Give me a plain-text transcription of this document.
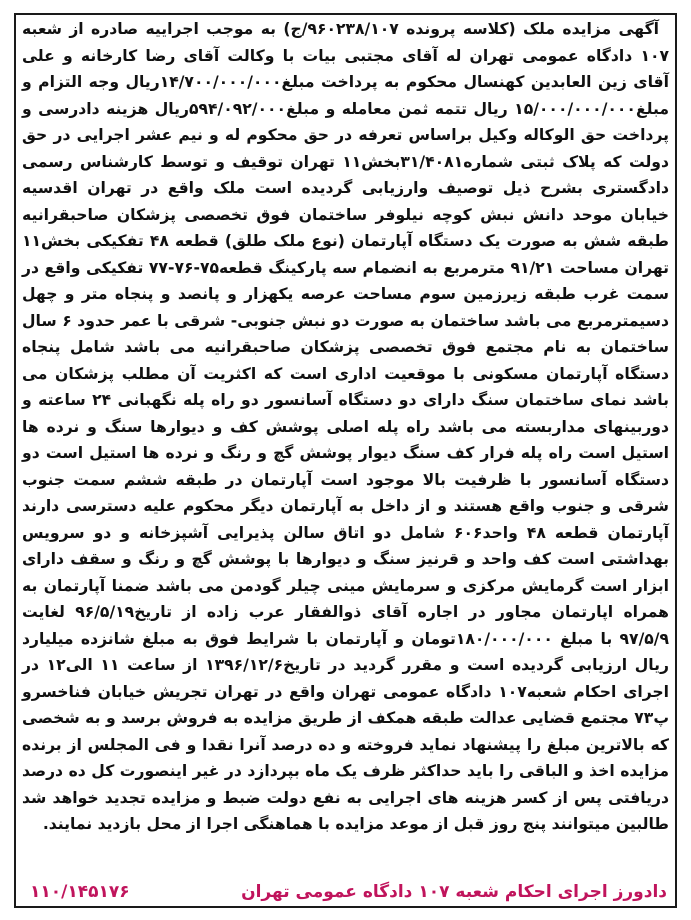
آگهی مزایده ملک (کلاسه پرونده ۹۶۰۲۳۸/۱۰۷/ج) به موجب اجراییه صادره از شعبه ۱۰۷ دادگاه عمومی تهران له آقای مجتبی بیات با وکالت آقای رضا کارخانه و علی آقای زین العابدین کهنسال محکوم به پرداخت مبلغ۱۴/۷۰۰/۰۰۰/۰۰۰ریال وجه التزام و مبلغ۱۵/۰۰۰/۰۰۰/۰۰۰ ریال تتمه ثمن معامله و مبلغ۵۹۴/۰۹۲/۰۰۰ریال هزینه دادرسی و پرداخت حق الوکاله وکیل براساس تعرفه در حق محکوم له و نیم عشر اجرایی در حق دولت که پلاک ثبتی شماره۳۱/۴۰۸۱بخش۱۱ تهران توقیف و توسط کارشناس رسمی دادگستری بشرح ذیل توصیف وارزیابی گردیده است ملک واقع در تهران اقدسیه خیابان موحد دانش نبش کوچه نیلوفر ساختمان فوق تخصصی پزشکان صاحبقرانیه طبقه شش به صورت یک دستگاه آپارتمان (نوع ملک طلق) قطعه ۴۸ تفکیکی بخش۱۱ تهران مساحت ۹۱/۲۱ مترمربع به انضمام سه پارکینگ قطعه۷۵-۷۶-۷۷ تفکیکی واقع در سمت غرب طبقه زیرزمین سوم مساحت عرصه یکهزار و پانصد و پنجاه متر و چهل دسیمترمربع می باشد ساختمان به صورت دو نبش جنوبی- شرقی با عمر حدود ۶ سال ساختمان به نام مجتمع فوق تخصصی پزشکان صاحبقرانیه می باشد شامل پنجاه دستگاه آپارتمان مسکونی با موقعیت اداری است که اکثریت آن مطلب پزشکان می باشد نمای ساختمان سنگ دارای دو دستگاه آسانسور دو راه پله نگهبانی ۲۴ ساعته و دوربینهای مداربسته می باشد راه پله اصلی پوشش کف و دیوارها سنگ و نرده ها استیل است راه پله فرار کف سنگ دیوار پوشش گچ و رنگ و نرده ها استیل است دو دستگاه آسانسور با ظرفیت بالا موجود است آپارتمان در طبقه ششم سمت جنوب شرقی و جنوب واقع هستند و از داخل به آپارتمان دیگر محکوم علیه دسترسی دارند آپارتمان قطعه ۴۸ واحد۶۰۶ شامل دو اتاق سالن پذیرایی آشپزخانه و دو سرویس بهداشتی است کف واحد و قرنیز سنگ و دیوارها با پوشش گچ و رنگ و سقف دارای ابزار است گرمایش مرکزی و سرمایش مینی چیلر گودمن می باشد ضمنا آپارتمان به همراه اپارتمان مجاور در اجاره آقای ذوالفقار عرب زاده از تاریخ۹۶/۵/۱۹ لغایت ۹۷/۵/۹ با مبلغ ۱۸۰/۰۰۰/۰۰۰تومان و آپارتمان با شرایط فوق به مبلغ شانزده میلیارد ریال ارزیابی گردیده است و مقرر گردید در تاریخ۱۳۹۶/۱۲/۶ از ساعت ۱۱ الی۱۲ در اجرای احکام شعبه۱۰۷ دادگاه عمومی تهران واقع در تهران تجریش خیابان فناخسرو پ۷۳ مجتمع قضایی عدالت طبقه همکف از طریق مزایده به فروش برسد و به شخصی که بالاترین مبلغ را پیشنهاد نماید فروخته و ده درصد آنرا نقدا و فی المجلس از برنده مزایده اخذ و الباقی را باید حداکثر ظرف یک ماه بپردازد در غیر اینصورت کل ده درصد دریافتی پس از کسر هزینه های اجرایی به نفع دولت ضبط و مزایده تجدید خواهد شد طالبین میتوانند پنج روز قبل از موعد مزایده با هماهنگی اجرا از محل بازدید نمایند.

دادورز اجرای احکام شعبه ۱۰۷ دادگاه عمومی تهران
۱۱۰/۱۴۵۱۷۶
